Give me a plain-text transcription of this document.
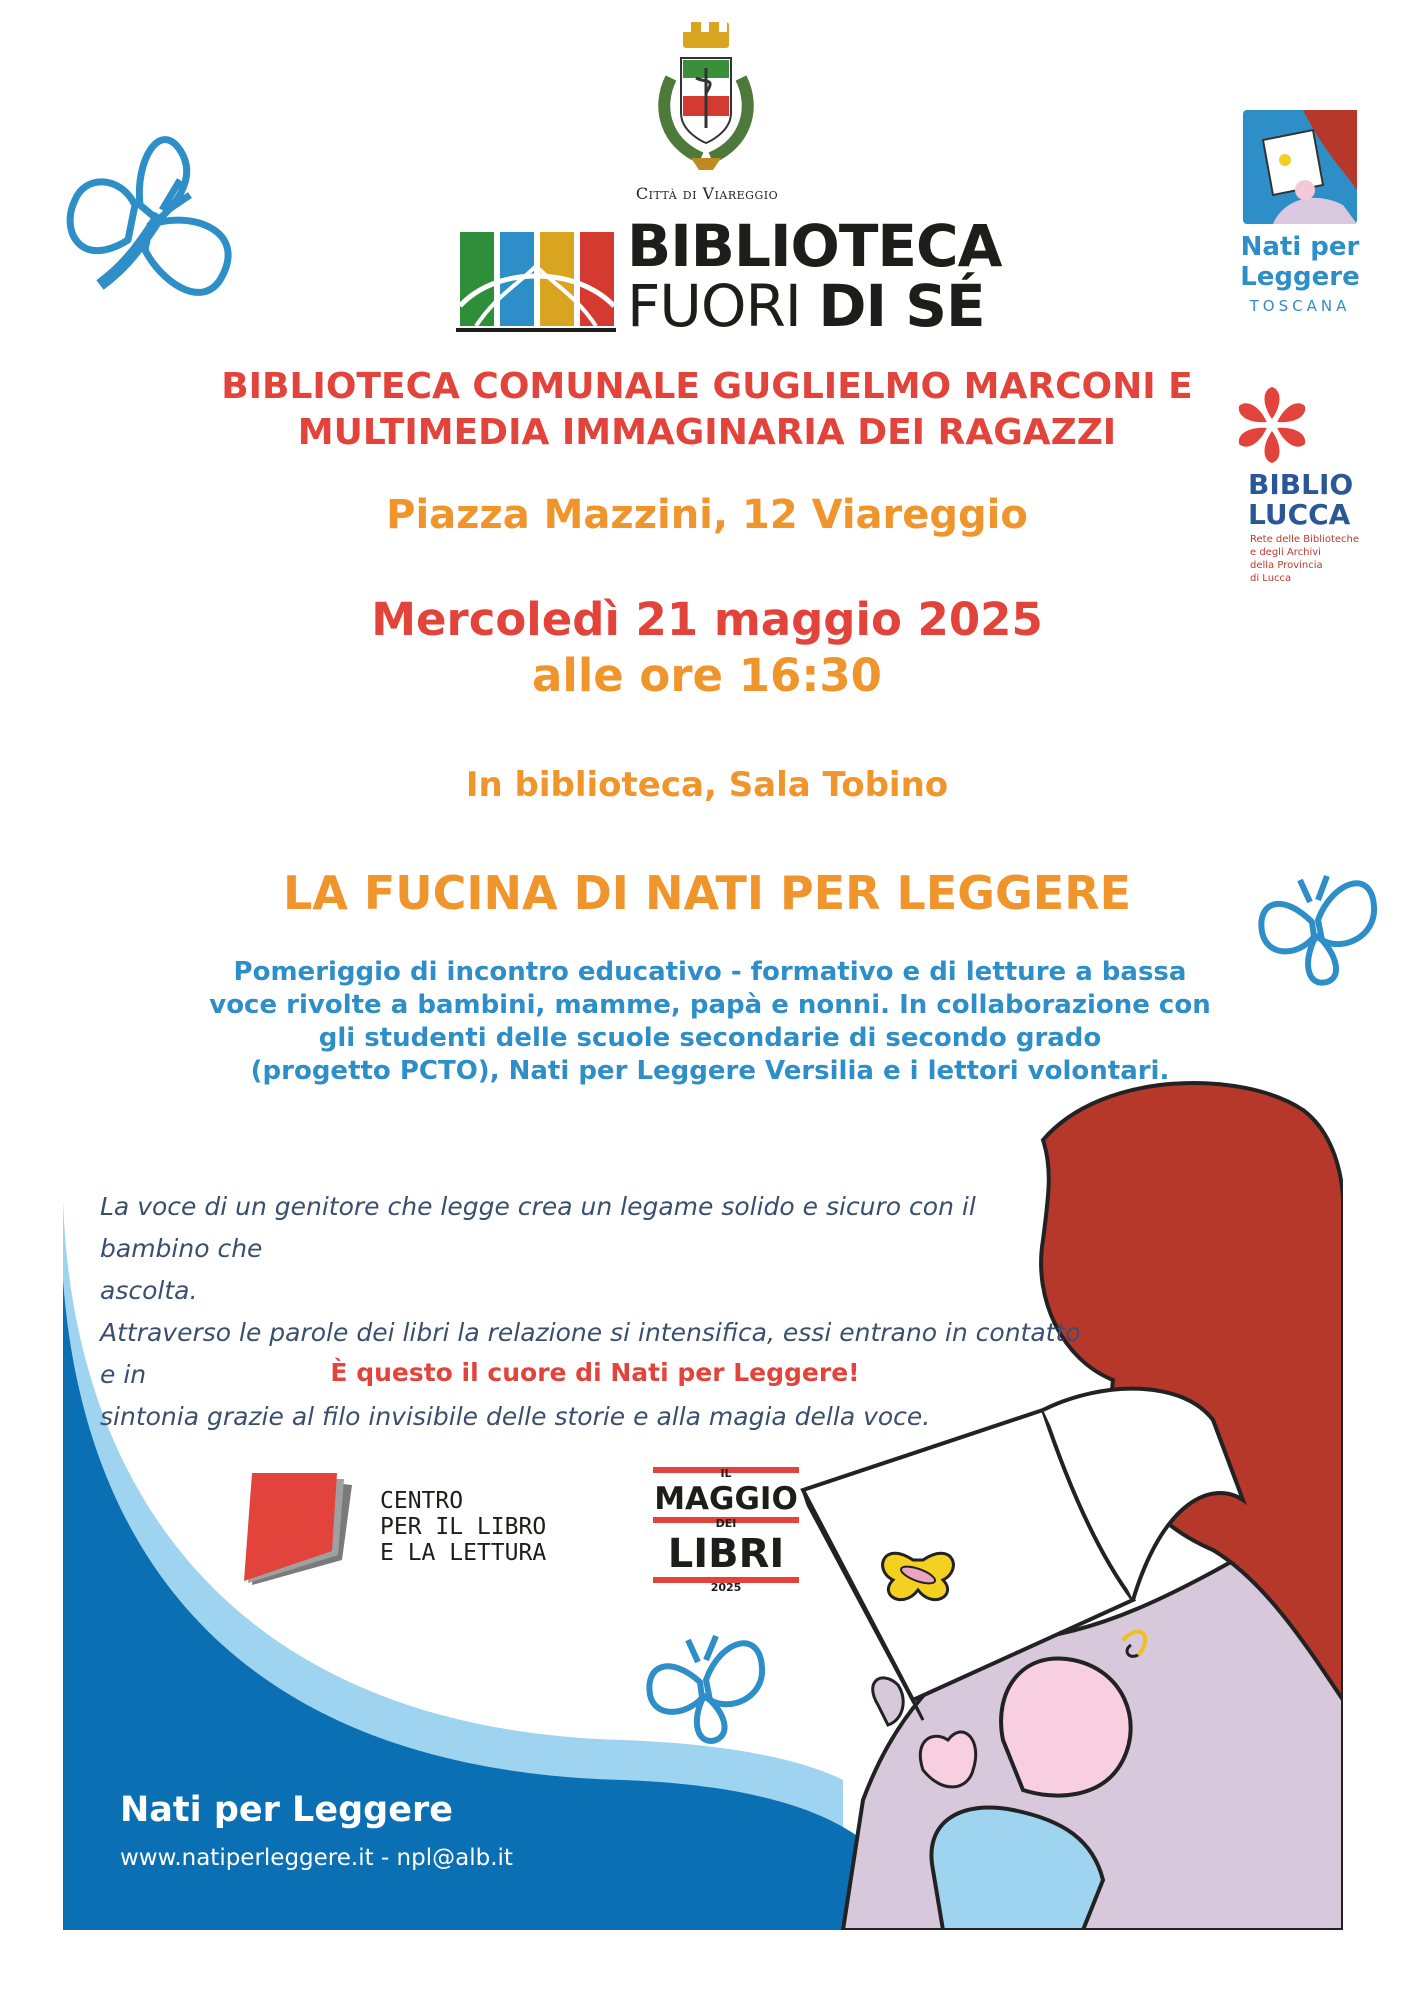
Città di Viareggio
BIBLIOTECA
FUORI DI SÉ
Nati per
Leggere
TOSCANA
BIBLIO
LUCCA
Rete delle Biblioteche
e degli Archivi
della Provincia
di Lucca
BIBLIOTECA COMUNALE GUGLIELMO MARCONI E
MULTIMEDIA IMMAGINARIA DEI RAGAZZI
Piazza Mazzini, 12 Viareggio
Mercoledì 21 maggio 2025
alle ore 16:30
In biblioteca, Sala Tobino
LA FUCINA DI NATI PER LEGGERE
Pomeriggio di incontro educativo - formativo e di letture a bassa
voce rivolte a bambini, mamme, papà e nonni. In collaborazione con
gli studenti delle scuole secondarie di secondo grado
(progetto PCTO), Nati per Leggere Versilia e i lettori volontari.
La voce di un genitore che legge crea un legame solido e sicuro con il bambino che
ascolta.
Attraverso le parole dei libri la relazione si intensifica, essi entrano in contatto e in
sintonia grazie al filo invisibile delle storie e alla magia della voce.
È questo il cuore di Nati per Leggere!
CENTRO
PER IL LIBRO
E LA LETTURA
IL
MAGGIO
DEI
LIBRI
2025
Nati per Leggere
www.natiperleggere.it - npl@alb.it
